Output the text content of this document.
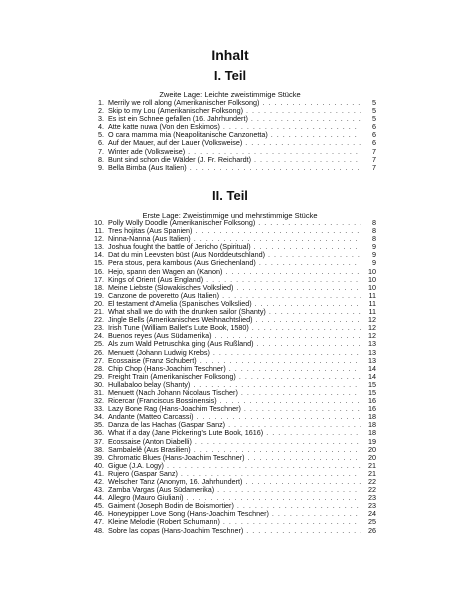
Inhalt
I. Teil
Zweite Lage: Leichte zweistimmige Stücke
1. Merrily we roll along (Amerikanischer Folksong) . . .	5
2. Skip to my Lou (Amerikanischer Folksong) . . .	5
3. Es ist ein Schnee gefallen (16. Jahrhundert) . . .	5
4. Atte katte nuwa (Von den Eskimos) . . .	6
5. O cara mamma mia (Neapolitanische Canzonetta) . . .	6
6. Auf der Mauer, auf der Lauer (Volksweise) . . .	6
7. Winter ade (Volksweise) . . .	7
8. Bunt sind schon die Wälder (J. Fr. Reichardt) . . .	7
9. Bella Bimba (Aus Italien) . . .	7
II. Teil
Erste Lage: Zweistimmige und mehrstimmige Stücke
10. Polly Wolly Doodle (Amerikanischer Folksong) . . .	8
11. Tres hojitas (Aus Spanien) . . .	8
12. Ninna-Nanna (Aus Italien) . . .	8
13. Joshua fought the battle of Jericho (Spiritual) . . .	9
14. Dat du min Leevsten büst (Aus Norddeutschland) . . .	9
15. Pera stous, pera kambous (Aus Griechenland) . . .	9
16. Hejo, spann den Wagen an (Kanon) . . .	10
17. Kings of Orient (Aus England) . . .	10
18. Meine Liebste (Slowakisches Volkslied) . . .	10
19. Canzone de poveretto (Aus Italien) . . .	11
20. El testament d'Amelia (Spanisches Volkslied) . . .	11
21. What shall we do with the drunken sailor (Shanty) . . .	11
22. Jingle Bells (Amerikanisches Weihnachtslied) . . .	12
23. Irish Tune (William Ballet's Lute Book, 1580) . . .	12
24. Buenos reyes (Aus Südamerika) . . .	12
25. Als zum Wald Petruschka ging (Aus Rußland) . . .	13
26. Menuett (Johann Ludwig Krebs) . . .	13
27. Ecossaise (Franz Schubert) . . .	13
28. Chip Chop (Hans-Joachim Teschner) . . .	14
29. Freight Train (Amerikanischer Folksong) . . .	14
30. Hullabaloo belay (Shanty) . . .	15
31. Menuett (Nach Johann Nicolaus Tischer) . . .	15
32. Ricercar (Franciscus Bossinensis) . . .	16
33. Lazy Bone Rag (Hans-Joachim Teschner) . . .	16
34. Andante (Matteo Carcassi) . . .	18
35. Danza de las Hachas (Gaspar Sanz) . . .	18
36. What if a day (Jane Pickering's Lute Book, 1616) . . .	18
37. Ecossaise (Anton Diabelli) . . .	19
38. Sambalelê (Aus Brasilien) . . .	20
39. Chromatic Blues (Hans-Joachim Teschner) . . .	20
40. Gigue (J.A. Logy) . . .	21
41. Rujero (Gaspar Sanz) . . .	21
42. Welscher Tanz (Anonym, 16. Jahrhundert) . . .	22
43. Zamba Vargas (Aus Südamerika) . . .	22
44. Allegro (Mauro Giuliani) . . .	23
45. Gaiment (Joseph Bodin de Boismortier) . . .	23
46. Honeypipper Love Song (Hans-Joachim Teschner) . . .	24
47. Kleine Melodie (Robert Schumann) . . .	25
48. Sobre las copas (Hans-Joachim Teschner) . . .	26
